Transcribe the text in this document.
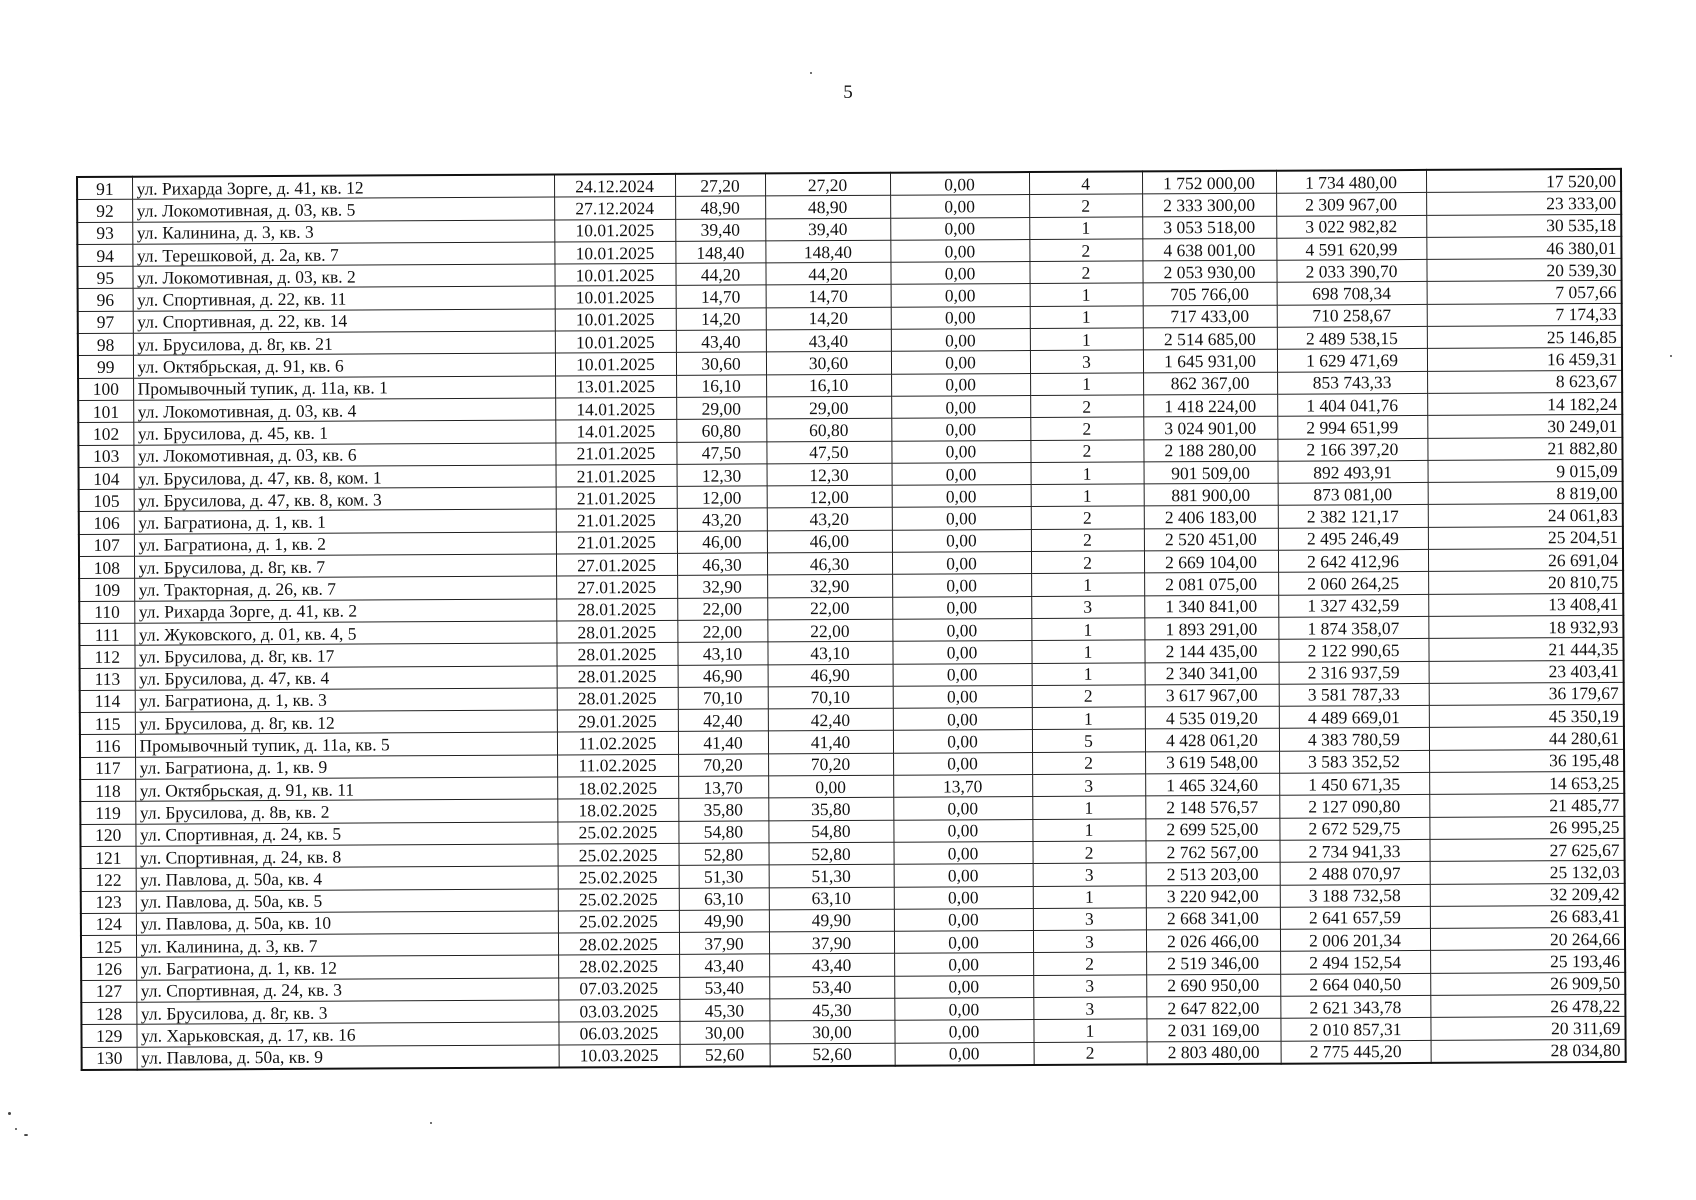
5
91	ул. Рихарда Зорге, д. 41, кв. 12	24.12.2024	27,20	27,20	0,00	4	1 752 000,00	1 734 480,00	17 520,00
92	ул. Локомотивная, д. 03, кв. 5	27.12.2024	48,90	48,90	0,00	2	2 333 300,00	2 309 967,00	23 333,00
93	ул. Калинина, д. 3, кв. 3	10.01.2025	39,40	39,40	0,00	1	3 053 518,00	3 022 982,82	30 535,18
94	ул. Терешковой, д. 2а, кв. 7	10.01.2025	148,40	148,40	0,00	2	4 638 001,00	4 591 620,99	46 380,01
95	ул. Локомотивная, д. 03, кв. 2	10.01.2025	44,20	44,20	0,00	2	2 053 930,00	2 033 390,70	20 539,30
96	ул. Спортивная, д. 22, кв. 11	10.01.2025	14,70	14,70	0,00	1	705 766,00	698 708,34	7 057,66
97	ул. Спортивная, д. 22, кв. 14	10.01.2025	14,20	14,20	0,00	1	717 433,00	710 258,67	7 174,33
98	ул. Брусилова, д. 8г, кв. 21	10.01.2025	43,40	43,40	0,00	1	2 514 685,00	2 489 538,15	25 146,85
99	ул. Октябрьская, д. 91, кв. 6	10.01.2025	30,60	30,60	0,00	3	1 645 931,00	1 629 471,69	16 459,31
100	Промывочный тупик, д. 11а, кв. 1	13.01.2025	16,10	16,10	0,00	1	862 367,00	853 743,33	8 623,67
101	ул. Локомотивная, д. 03, кв. 4	14.01.2025	29,00	29,00	0,00	2	1 418 224,00	1 404 041,76	14 182,24
102	ул. Брусилова, д. 45, кв. 1	14.01.2025	60,80	60,80	0,00	2	3 024 901,00	2 994 651,99	30 249,01
103	ул. Локомотивная, д. 03, кв. 6	21.01.2025	47,50	47,50	0,00	2	2 188 280,00	2 166 397,20	21 882,80
104	ул. Брусилова, д. 47, кв. 8, ком. 1	21.01.2025	12,30	12,30	0,00	1	901 509,00	892 493,91	9 015,09
105	ул. Брусилова, д. 47, кв. 8, ком. 3	21.01.2025	12,00	12,00	0,00	1	881 900,00	873 081,00	8 819,00
106	ул. Багратиона, д. 1, кв. 1	21.01.2025	43,20	43,20	0,00	2	2 406 183,00	2 382 121,17	24 061,83
107	ул. Багратиона, д. 1, кв. 2	21.01.2025	46,00	46,00	0,00	2	2 520 451,00	2 495 246,49	25 204,51
108	ул. Брусилова, д. 8г, кв. 7	27.01.2025	46,30	46,30	0,00	2	2 669 104,00	2 642 412,96	26 691,04
109	ул. Тракторная, д. 26, кв. 7	27.01.2025	32,90	32,90	0,00	1	2 081 075,00	2 060 264,25	20 810,75
110	ул. Рихарда Зорге, д. 41, кв. 2	28.01.2025	22,00	22,00	0,00	3	1 340 841,00	1 327 432,59	13 408,41
111	ул. Жуковского, д. 01, кв. 4, 5	28.01.2025	22,00	22,00	0,00	1	1 893 291,00	1 874 358,07	18 932,93
112	ул. Брусилова, д. 8г, кв. 17	28.01.2025	43,10	43,10	0,00	1	2 144 435,00	2 122 990,65	21 444,35
113	ул. Брусилова, д. 47, кв. 4	28.01.2025	46,90	46,90	0,00	1	2 340 341,00	2 316 937,59	23 403,41
114	ул. Багратиона, д. 1, кв. 3	28.01.2025	70,10	70,10	0,00	2	3 617 967,00	3 581 787,33	36 179,67
115	ул. Брусилова, д. 8г, кв. 12	29.01.2025	42,40	42,40	0,00	1	4 535 019,20	4 489 669,01	45 350,19
116	Промывочный тупик, д. 11а, кв. 5	11.02.2025	41,40	41,40	0,00	5	4 428 061,20	4 383 780,59	44 280,61
117	ул. Багратиона, д. 1, кв. 9	11.02.2025	70,20	70,20	0,00	2	3 619 548,00	3 583 352,52	36 195,48
118	ул. Октябрьская, д. 91, кв. 11	18.02.2025	13,70	0,00	13,70	3	1 465 324,60	1 450 671,35	14 653,25
119	ул. Брусилова, д. 8в, кв. 2	18.02.2025	35,80	35,80	0,00	1	2 148 576,57	2 127 090,80	21 485,77
120	ул. Спортивная, д. 24, кв. 5	25.02.2025	54,80	54,80	0,00	1	2 699 525,00	2 672 529,75	26 995,25
121	ул. Спортивная, д. 24, кв. 8	25.02.2025	52,80	52,80	0,00	2	2 762 567,00	2 734 941,33	27 625,67
122	ул. Павлова, д. 50а, кв. 4	25.02.2025	51,30	51,30	0,00	3	2 513 203,00	2 488 070,97	25 132,03
123	ул. Павлова, д. 50а, кв. 5	25.02.2025	63,10	63,10	0,00	1	3 220 942,00	3 188 732,58	32 209,42
124	ул. Павлова, д. 50а, кв. 10	25.02.2025	49,90	49,90	0,00	3	2 668 341,00	2 641 657,59	26 683,41
125	ул. Калинина, д. 3, кв. 7	28.02.2025	37,90	37,90	0,00	3	2 026 466,00	2 006 201,34	20 264,66
126	ул. Багратиона, д. 1, кв. 12	28.02.2025	43,40	43,40	0,00	2	2 519 346,00	2 494 152,54	25 193,46
127	ул. Спортивная, д. 24, кв. 3	07.03.2025	53,40	53,40	0,00	3	2 690 950,00	2 664 040,50	26 909,50
128	ул. Брусилова, д. 8г, кв. 3	03.03.2025	45,30	45,30	0,00	3	2 647 822,00	2 621 343,78	26 478,22
129	ул. Харьковская, д. 17, кв. 16	06.03.2025	30,00	30,00	0,00	1	2 031 169,00	2 010 857,31	20 311,69
130	ул. Павлова, д. 50а, кв. 9	10.03.2025	52,60	52,60	0,00	2	2 803 480,00	2 775 445,20	28 034,80
